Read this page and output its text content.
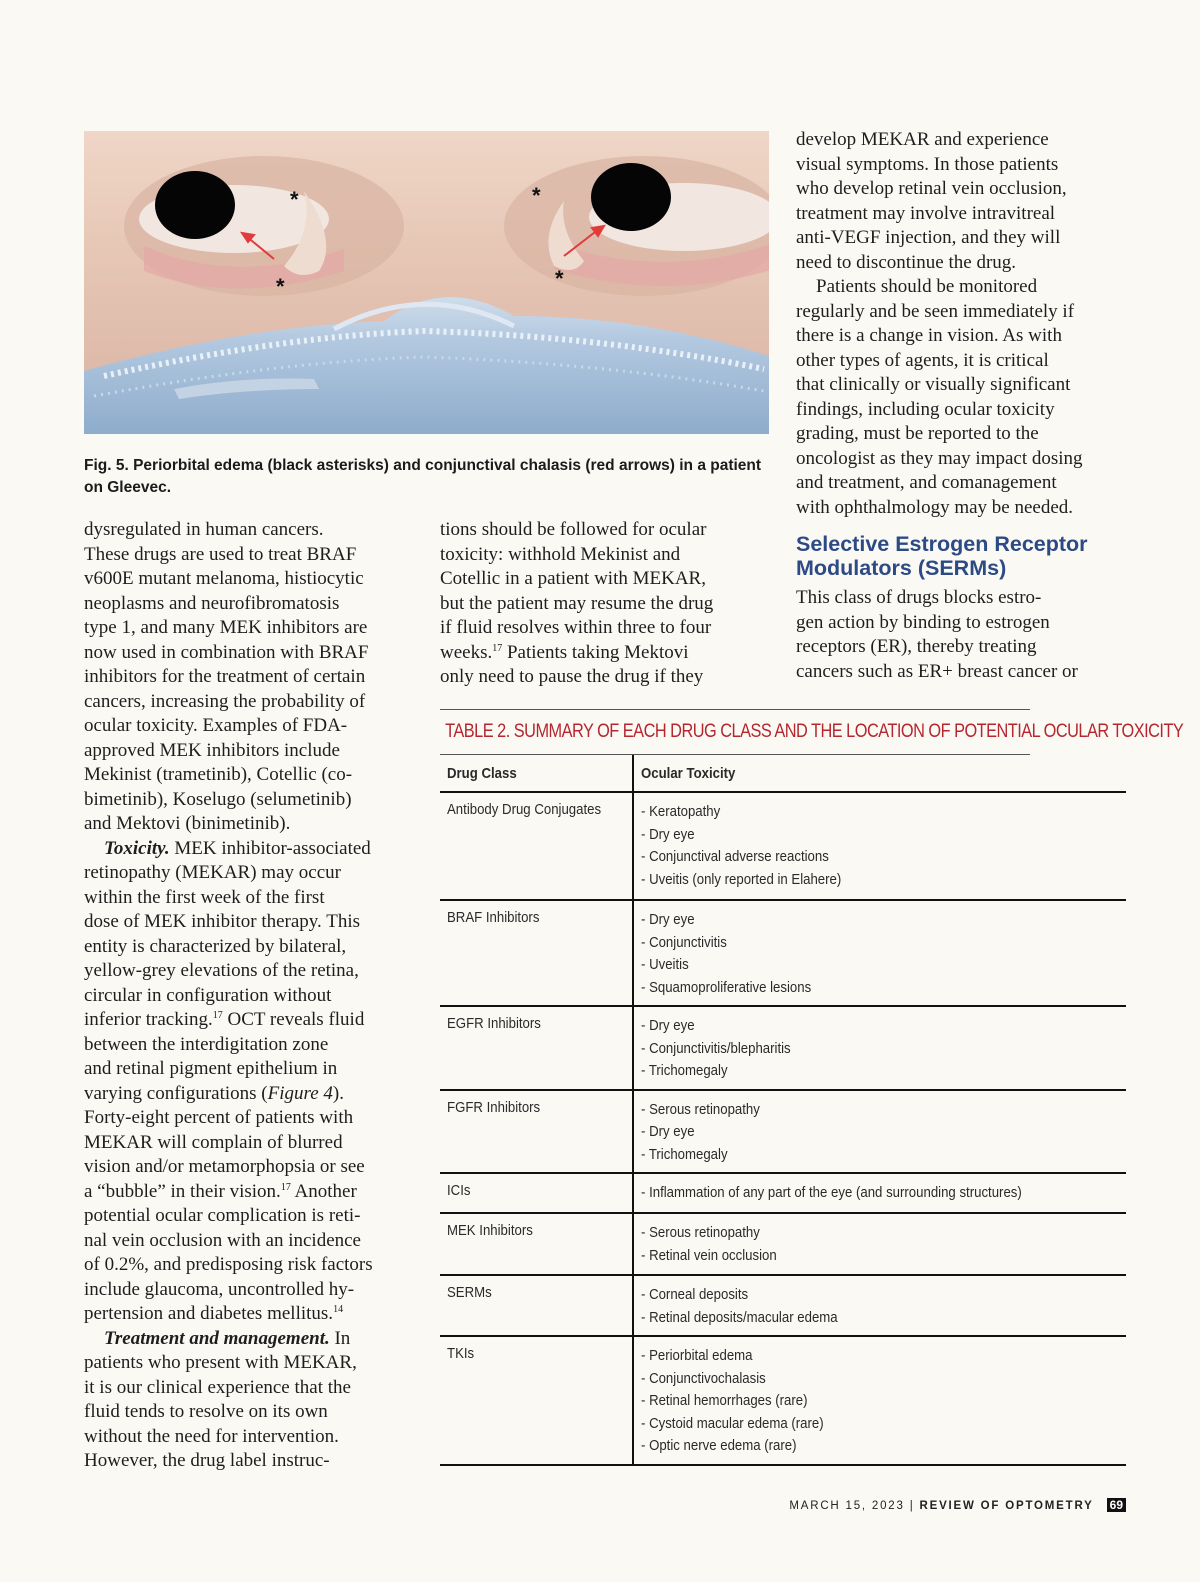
*
*
*
*
Fig. 5. Periorbital edema (black asterisks) and conjunctival chalasis (red arrows) in a patient on Gleevec.
dysregulated in human cancers.
These drugs are used to treat BRAF
v600E mutant melanoma, histiocytic
neoplasms and neurofibromatosis
type 1, and many MEK inhibitors are
now used in combination with BRAF
inhibitors for the treatment of certain
cancers, increasing the probability of
ocular toxicity. Examples of FDA-
approved MEK inhibitors include
Mekinist (trametinib), Cotellic (co-
bimetinib), Koselugo (selumetinib)
and Mektovi (binimetinib).
Toxicity. MEK inhibitor-associated
retinopathy (MEKAR) may occur
within the first week of the first
dose of MEK inhibitor therapy. This
entity is characterized by bilateral,
yellow-grey elevations of the retina,
circular in configuration without
inferior tracking.$^{17}$ OCT reveals fluid
between the interdigitation zone
and retinal pigment epithelium in
varying configurations (Figure 4).
Forty-eight percent of patients with
MEKAR will complain of blurred
vision and/or metamorphopsia or see
a “bubble” in their vision.$^{17}$ Another
potential ocular complication is reti-
nal vein occlusion with an incidence
of 0.2%, and predisposing risk factors
include glaucoma, uncontrolled hy-
pertension and diabetes mellitus.$^{14}$
Treatment and management. In
patients who present with MEKAR,
it is our clinical experience that the
fluid tends to resolve on its own
without the need for intervention.
However, the drug label instruc-
tions should be followed for ocular
toxicity: withhold Mekinist and
Cotellic in a patient with MEKAR,
but the patient may resume the drug
if fluid resolves within three to four
weeks.$^{17}$ Patients taking Mektovi
only need to pause the drug if they
develop MEKAR and experience
visual symptoms. In those patients
who develop retinal vein occlusion,
treatment may involve intravitreal
anti-VEGF injection, and they will
need to discontinue the drug.
Patients should be monitored
regularly and be seen immediately if
there is a change in vision. As with
other types of agents, it is critical
that clinically or visually significant
findings, including ocular toxicity
grading, must be reported to the
oncologist as they may impact dosing
and treatment, and comanagement
with ophthalmology may be needed.
Selective Estrogen Receptor
Modulators (SERMs)
This class of drugs blocks estro-
gen action by binding to estrogen
receptors (ER), thereby treating
cancers such as ER+ breast cancer or
TABLE 2. SUMMARY OF EACH DRUG CLASS AND THE LOCATION OF POTENTIAL OCULAR TOXICITY
Drug Class	Ocular Toxicity
Antibody Drug Conjugates	- Keratopathy
- Dry eye
- Conjunctival adverse reactions
- Uveitis (only reported in Elahere)

BRAF Inhibitors	- Dry eye
- Conjunctivitis
- Uveitis
- Squamoproliferative lesions

EGFR Inhibitors	- Dry eye
- Conjunctivitis/blepharitis
- Trichomegaly

FGFR Inhibitors	- Serous retinopathy
- Dry eye
- Trichomegaly

ICIs	- Inflammation of any part of the eye (and surrounding structures)

MEK Inhibitors	- Serous retinopathy
- Retinal vein occlusion

SERMs	- Corneal deposits
- Retinal deposits/macular edema

TKIs	- Periorbital edema
- Conjunctivochalasis
- Retinal hemorrhages (rare)
- Cystoid macular edema (rare)
- Optic nerve edema (rare)
MARCH 15, 2023 | REVIEW OF OPTOMETRY 69
